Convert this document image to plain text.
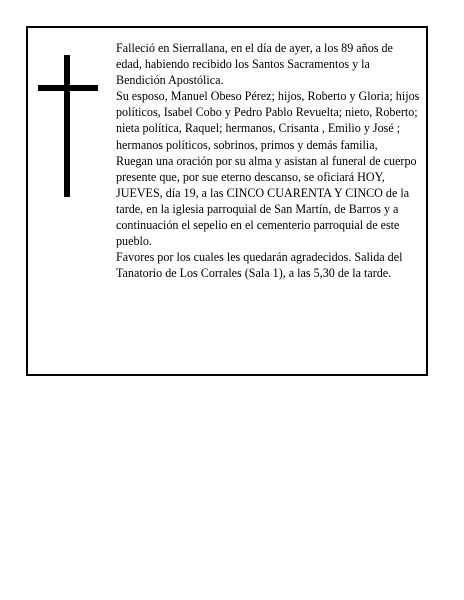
Falleció en Sierrallana, en el día de ayer, a los 89 años de edad, habiendo recibido los Santos Sacramentos y la Bendición Apostólica.

Su esposo, Manuel Obeso Pérez; hijos, Roberto y Gloria; hijos políticos, Isabel Cobo y Pedro Pablo Revuelta; nieto, Roberto; nieta política, Raquel; hermanos, Crisanta , Emilio y José ; hermanos políticos, sobrinos, primos y demás familia,

Ruegan una oración por su alma y asistan al funeral de cuerpo presente que, por sue eterno descanso, se oficiará HOY, JUEVES, día 19, a las CINCO CUARENTA Y CINCO de la tarde, en la iglesia parroquial de San Martín, de Barros y a continuación el sepelio en el cementerio parroquial de este pueblo.

Favores por los cuales les quedarán agradecidos. Salida del Tanatorio de Los Corrales (Sala 1), a las 5,30 de la tarde.
